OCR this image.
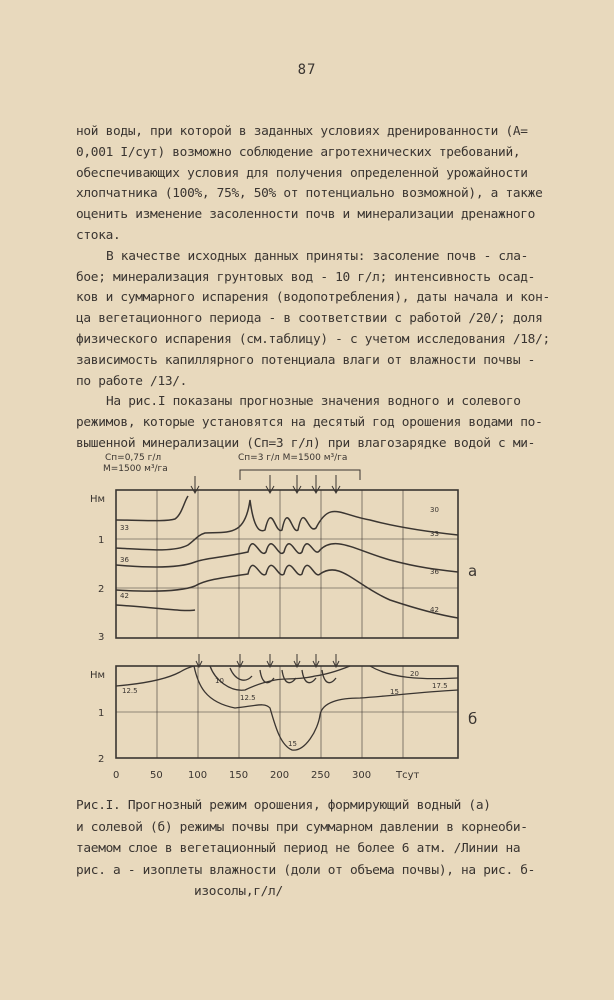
87
ной воды, при которой в заданных условиях дренированности (А=
0,001 I/сут) возможно соблюдение агротехнических требований,
обеспечивающих условия для получения определенной урожайности
хлопчатника (100%, 75%, 50% от потенциально возможной), а также
оценить изменение засоленности почв и минерализации дренажного
стока.
В качестве исходных данных приняты: засоление почв - сла-
бое; минерализация грунтовых вод - 10 г/л; интенсивность осад-
ков и суммарного испарения (водопотребления), даты начала и кон-
ца вегетационного периода - в соответствии с работой /20/; доля
физического испарения (см.таблицу) - с учетом исследования /18/;
зависимость капиллярного потенциала влаги от влажности почвы -
по работе /13/.
На рис.I показаны прогнозные значения водного и солевого
режимов, которые установятся на десятый год орошения водами по-
вышенной минерализации (Сп=3 г/л) при влагозарядке водой с ми-
Сп=0,75 г/л
M=1500 м³/га
Сп=3 г/л M=1500 м³/га
Нм
1
2
3
33
36
42
30
33
36
42
а
Нм
1
2
12.5
10
12.5
15
17.5
15
20
б
0	50	100 150 200 250 300 Тсут
Рис.I. Прогнозный режим орошения, формирующий водный (а)
и солевой (б) режимы почвы при суммарном давлении в корнеоби-
таемом слое в вегетационный период не более 6 атм. /Линии на
рис. а - изоплеты влажности (доли от объема почвы), на рис. б-
изосолы,г/л/
